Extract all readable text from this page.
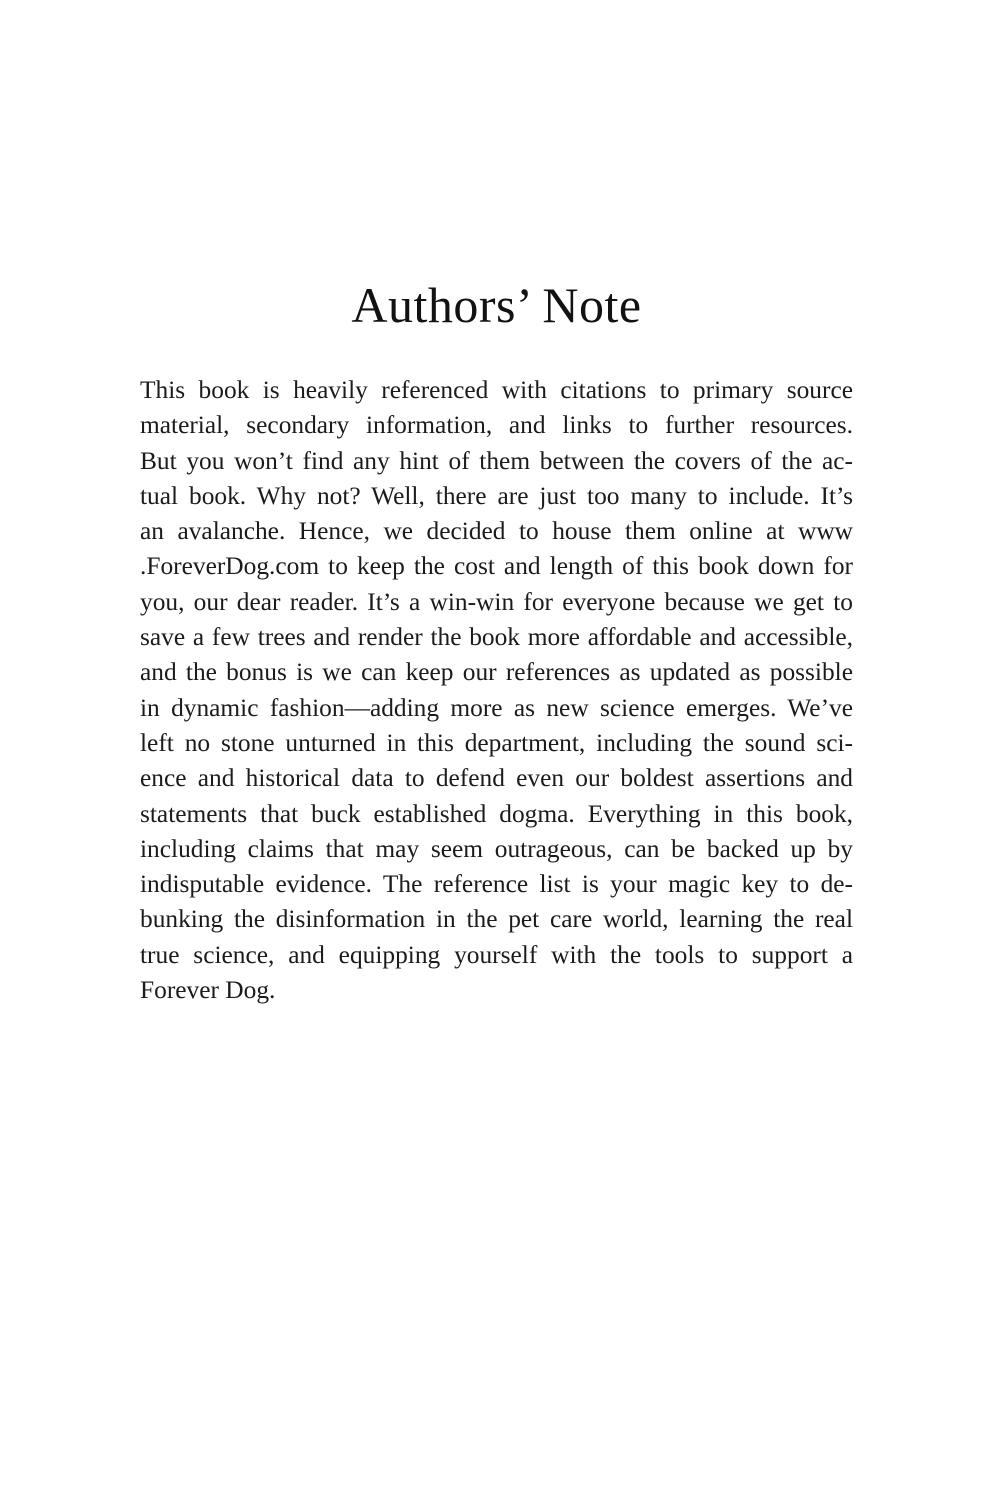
Authors’ Note
This book is heavily referenced with citations to primary source
material, secondary information, and links to further resources.
But you won’t find any hint of them between the covers of the ac-
tual book. Why not? Well, there are just too many to include. It’s
an avalanche. Hence, we decided to house them online at www
.ForeverDog.com to keep the cost and length of this book down for
you, our dear reader. It’s a win-win for everyone because we get to
save a few trees and render the book more affordable and accessible,
and the bonus is we can keep our references as updated as possible
in dynamic fashion—adding more as new science emerges. We’ve
left no stone unturned in this department, including the sound sci-
ence and historical data to defend even our boldest assertions and
statements that buck established dogma. Everything in this book,
including claims that may seem outrageous, can be backed up by
indisputable evidence. The reference list is your magic key to de-
bunking the disinformation in the pet care world, learning the real
true science, and equipping yourself with the tools to support a
Forever Dog.
